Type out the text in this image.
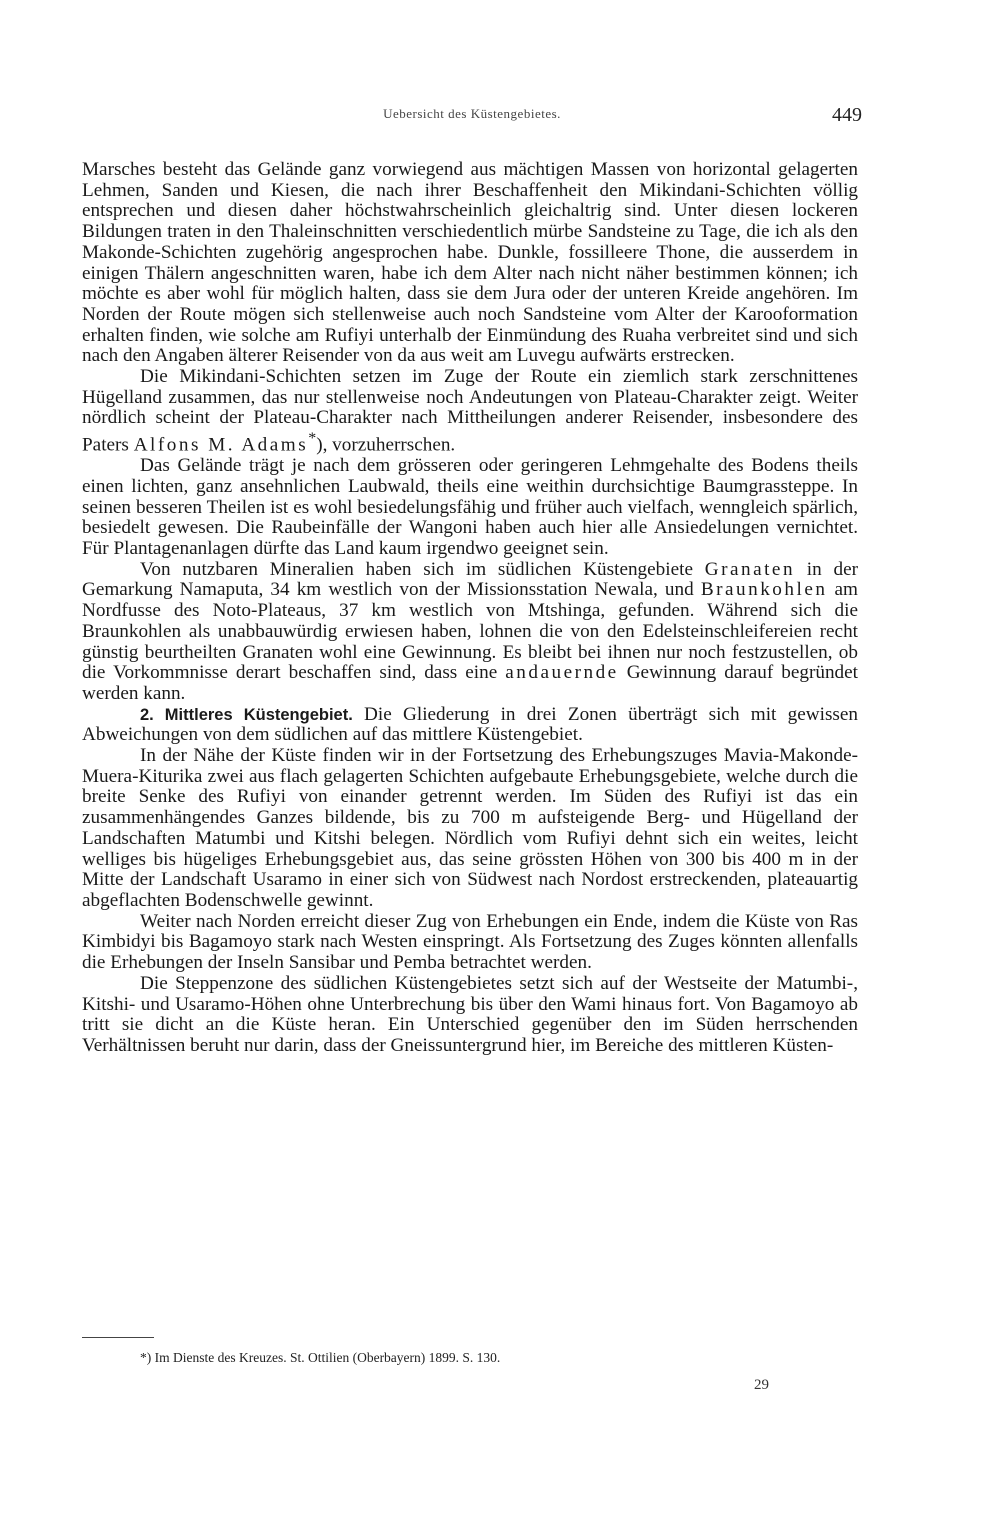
Uebersicht des Küstengebietes.	449

Marsches besteht das Gelände ganz vorwiegend aus mächtigen Massen von horizontal gelagerten Lehmen, Sanden und Kiesen, die nach ihrer Beschaffenheit den Mikindani-Schichten völlig entsprechen und diesen daher höchstwahrscheinlich gleichaltrig sind. Unter diesen lockeren Bildungen traten in den Thaleinschnitten verschiedentlich mürbe Sandsteine zu Tage, die ich als den Makonde-Schichten zugehörig angesprochen habe. Dunkle, fossilleere Thone, die ausserdem in einigen Thälern angeschnitten waren, habe ich dem Alter nach nicht näher bestimmen können; ich möchte es aber wohl für möglich halten, dass sie dem Jura oder der unteren Kreide angehören. Im Norden der Route mögen sich stellenweise auch noch Sandsteine vom Alter der Karooformation erhalten finden, wie solche am Rufiyi unterhalb der Einmündung des Ruaha verbreitet sind und sich nach den Angaben älterer Reisender von da aus weit am Luvegu aufwärts erstrecken.

Die Mikindani-Schichten setzen im Zuge der Route ein ziemlich stark zerschnittenes Hügelland zusammen, das nur stellenweise noch Andeutungen von Plateau-Charakter zeigt. Weiter nördlich scheint der Plateau-Charakter nach Mittheilungen anderer Reisender, insbesondere des Paters Alfons M. Adams*), vorzuherrschen.

Das Gelände trägt je nach dem grösseren oder geringeren Lehmgehalte des Bodens theils einen lichten, ganz ansehnlichen Laubwald, theils eine weithin durchsichtige Baumgrassteppe. In seinen besseren Theilen ist es wohl besiedelungsfähig und früher auch vielfach, wenngleich spärlich, besiedelt gewesen. Die Raubeinfälle der Wangoni haben auch hier alle Ansiedelungen vernichtet. Für Plantagenanlagen dürfte das Land kaum irgendwo geeignet sein.

Von nutzbaren Mineralien haben sich im südlichen Küstengebiete Granaten in der Gemarkung Namaputa, 34 km westlich von der Missionsstation Newala, und Braunkohlen am Nordfusse des Noto-Plateaus, 37 km westlich von Mtshinga, gefunden. Während sich die Braunkohlen als unabbauwürdig erwiesen haben, lohnen die von den Edelsteinschleifereien recht günstig beurtheilten Granaten wohl eine Gewinnung. Es bleibt bei ihnen nur noch festzustellen, ob die Vorkommnisse derart beschaffen sind, dass eine andauernde Gewinnung darauf begründet werden kann.

2. Mittleres Küstengebiet. Die Gliederung in drei Zonen überträgt sich mit gewissen Abweichungen von dem südlichen auf das mittlere Küstengebiet.

In der Nähe der Küste finden wir in der Fortsetzung des Erhebungszuges Mavia-Makonde-Muera-Kiturika zwei aus flach gelagerten Schichten aufgebaute Erhebungsgebiete, welche durch die breite Senke des Rufiyi von einander getrennt werden. Im Süden des Rufiyi ist das ein zusammenhängendes Ganzes bildende, bis zu 700 m aufsteigende Berg- und Hügelland der Landschaften Matumbi und Kitshi belegen. Nördlich vom Rufiyi dehnt sich ein weites, leicht welliges bis hügeliges Erhebungsgebiet aus, das seine grössten Höhen von 300 bis 400 m in der Mitte der Landschaft Usaramo in einer sich von Südwest nach Nordost erstreckenden, plateauartig abgeflachten Bodenschwelle gewinnt.

Weiter nach Norden erreicht dieser Zug von Erhebungen ein Ende, indem die Küste von Ras Kimbidyi bis Bagamoyo stark nach Westen einspringt. Als Fortsetzung des Zuges könnten allenfalls die Erhebungen der Inseln Sansibar und Pemba betrachtet werden.

Die Steppenzone des südlichen Küstengebietes setzt sich auf der Westseite der Matumbi-, Kitshi- und Usaramo-Höhen ohne Unterbrechung bis über den Wami hinaus fort. Von Bagamoyo ab tritt sie dicht an die Küste heran. Ein Unterschied gegenüber den im Süden herrschenden Verhältnissen beruht nur darin, dass der Gneissuntergrund hier, im Bereiche des mittleren Küsten-

*) Im Dienste des Kreuzes. St. Ottilien (Oberbayern) 1899. S. 130.
29
